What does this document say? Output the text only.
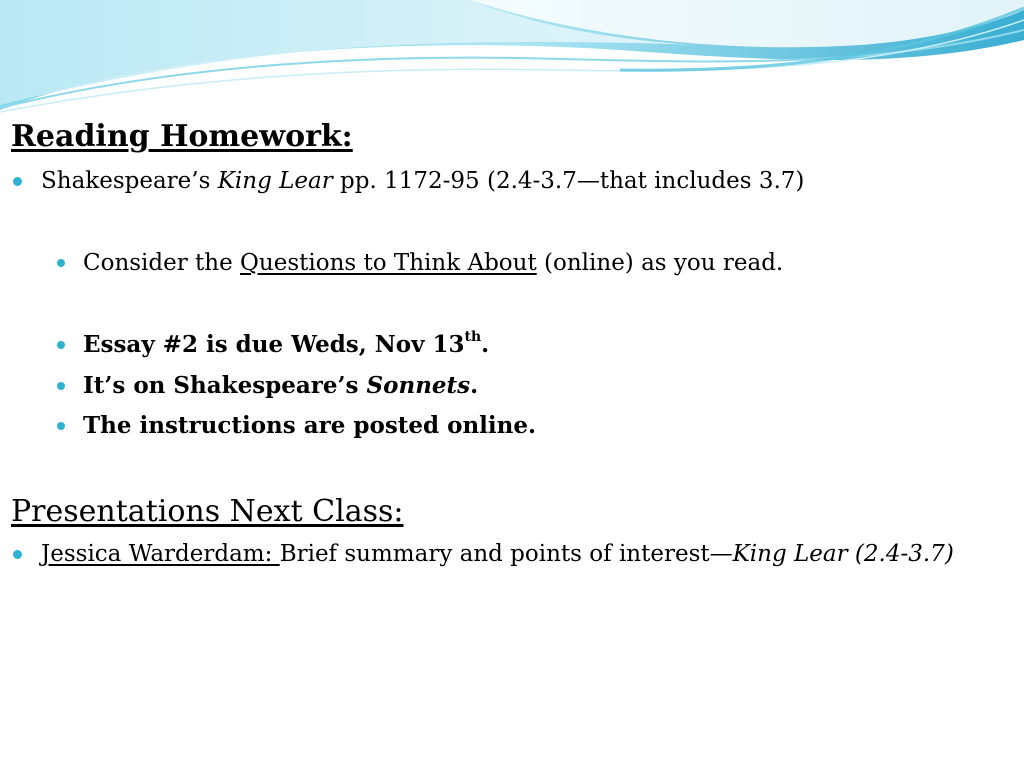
Reading Homework:

Shakespeare’s King Lear pp. 1172-95 (2.4-3.7—that includes 3.7)

Consider the Questions to Think About (online) as you read.

Essay #2 is due Weds, Nov 13th.

It’s on Shakespeare’s Sonnets.

The instructions are posted online.

Presentations Next Class:

Jessica Warderdam: Brief summary and points of interest—King Lear (2.4-3.7)
